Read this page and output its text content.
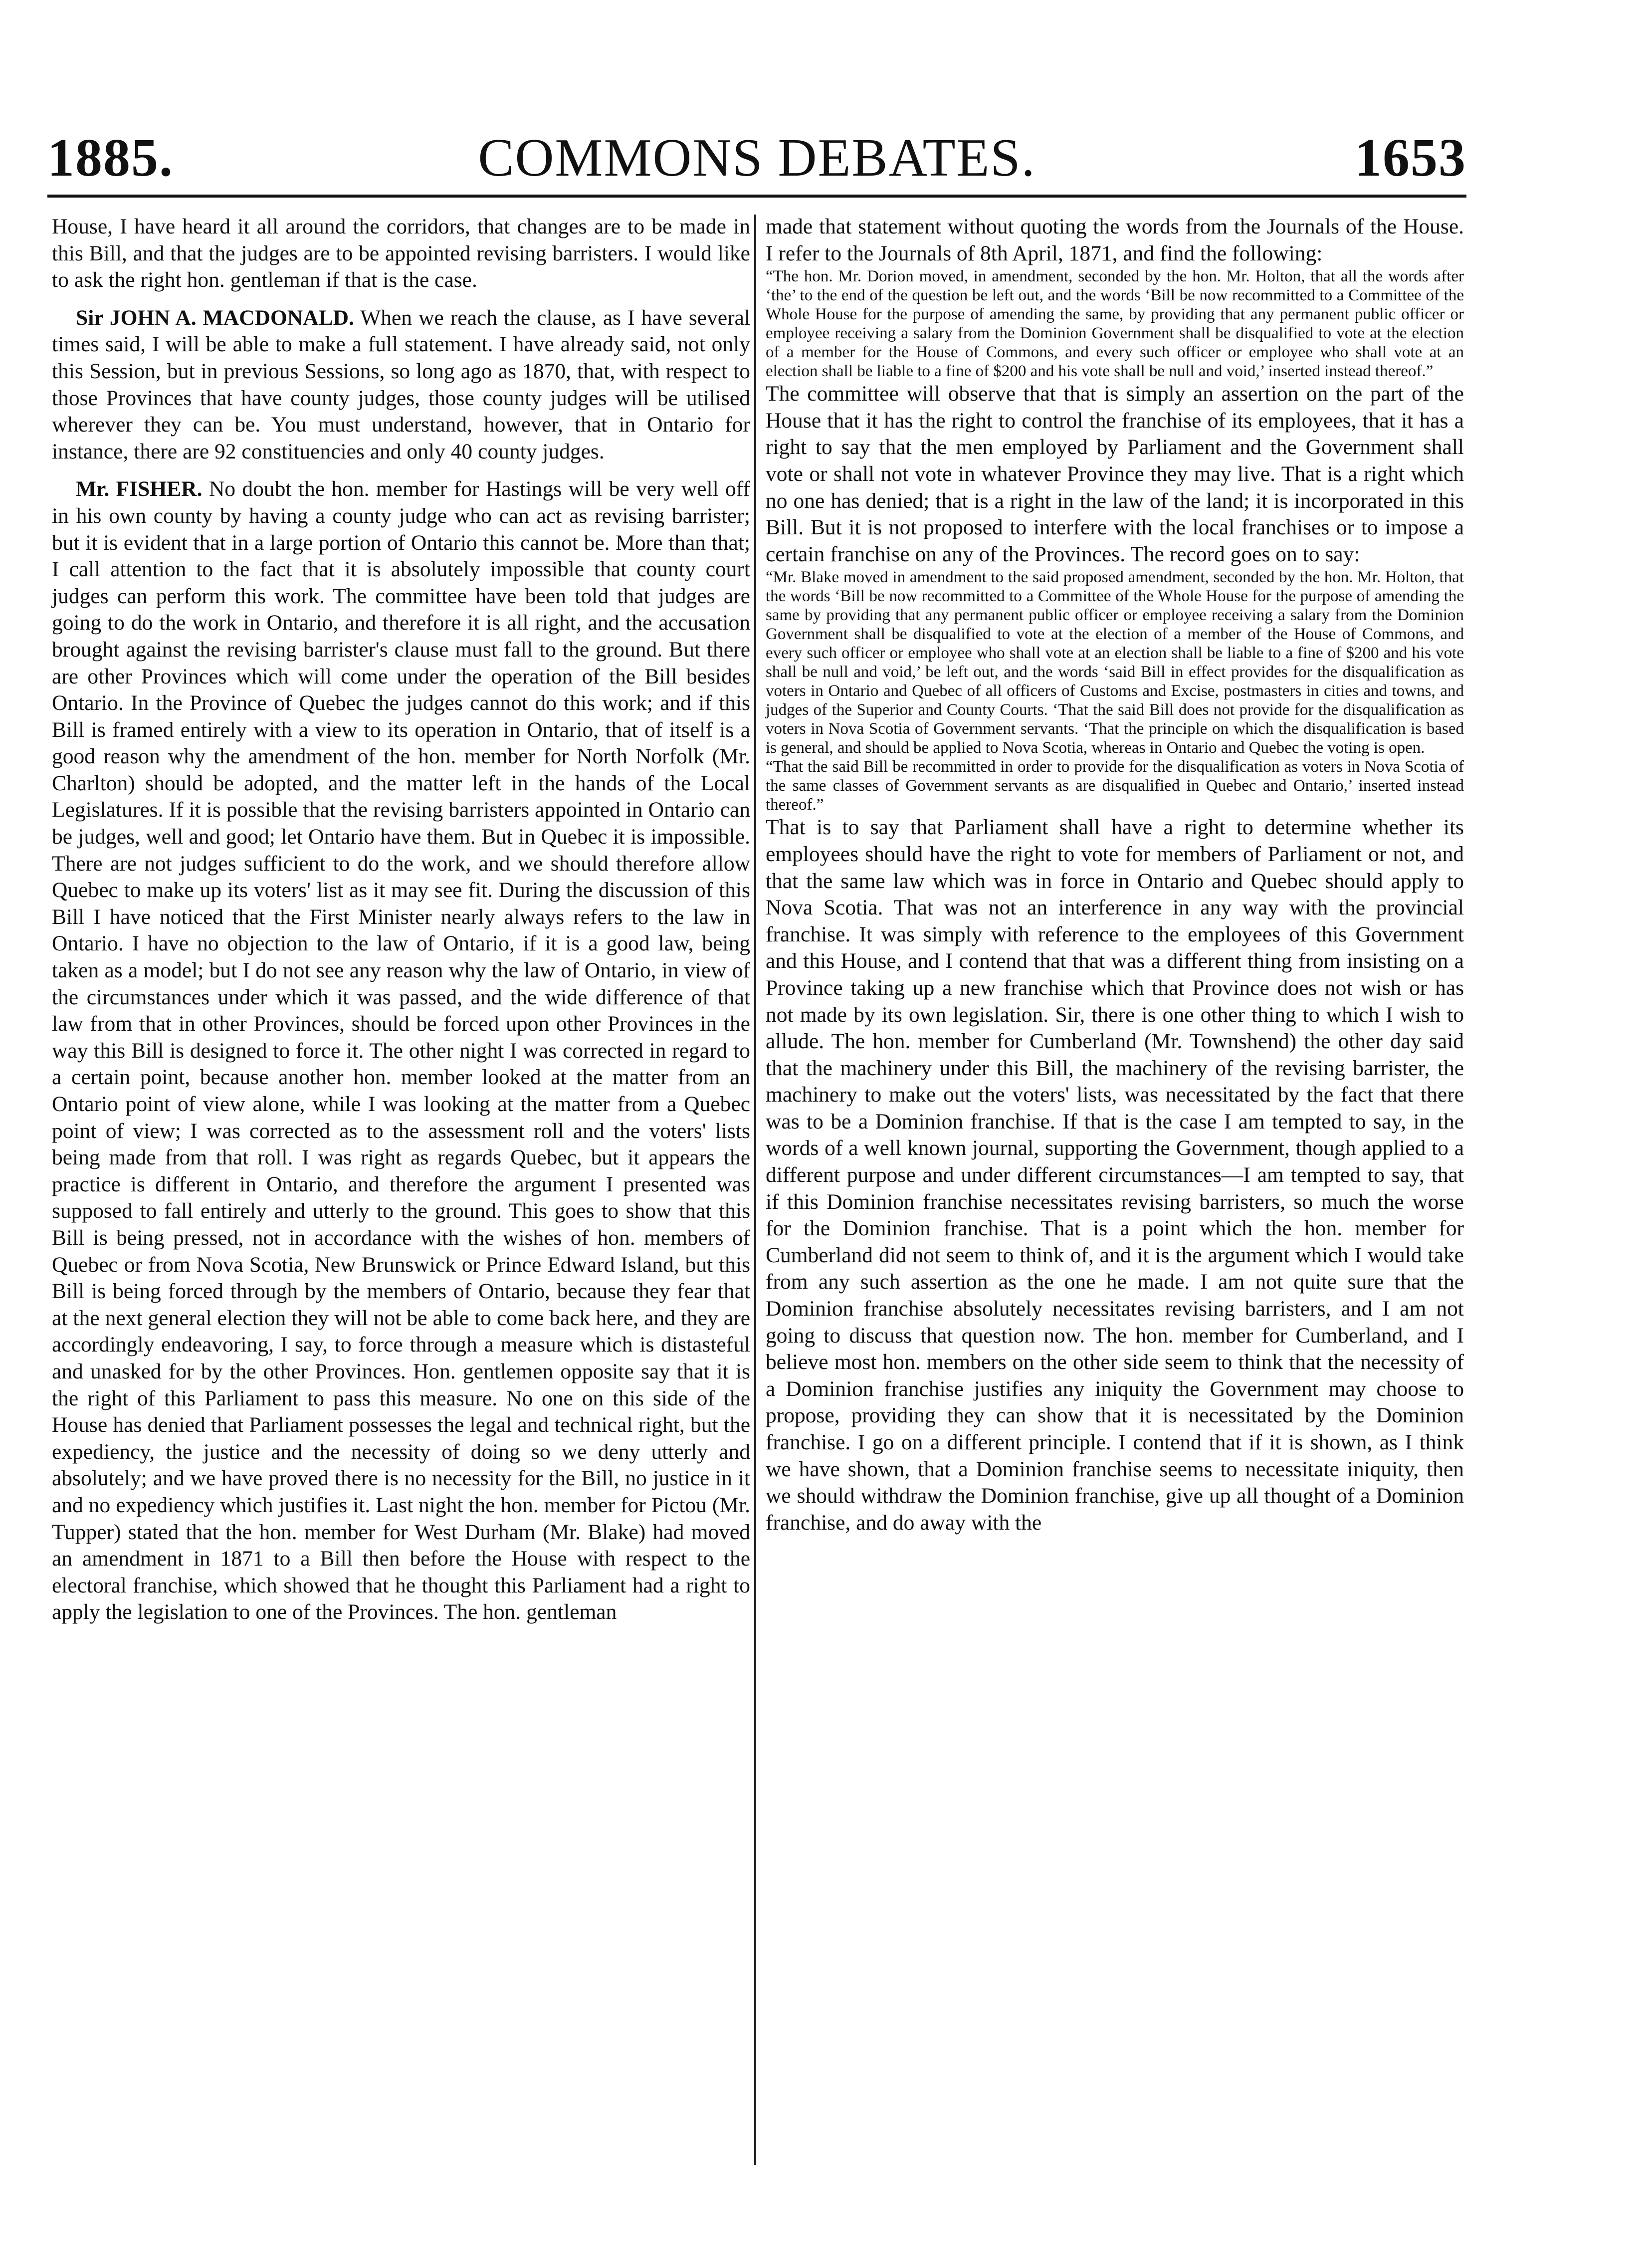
1885.	COMMONS DEBATES.	1653

House, I have heard it all around the corridors, that changes are to be made in this Bill, and that the judges are to be appointed revising barristers. I would like to ask the right hon. gentleman if that is the case.

Sir JOHN A. MACDONALD. When we reach the clause, as I have several times said, I will be able to make a full statement. I have already said, not only this Session, but in previous Sessions, so long ago as 1870, that, with respect to those Provinces that have county judges, those county judges will be utilised wherever they can be. You must understand, however, that in Ontario for instance, there are 92 constituencies and only 40 county judges.

Mr. FISHER. No doubt the hon. member for Hastings will be very well off in his own county by having a county judge who can act as revising barrister; but it is evident that in a large portion of Ontario this cannot be. More than that; I call attention to the fact that it is absolutely impossible that county court judges can perform this work. The committee have been told that judges are going to do the work in Ontario, and therefore it is all right, and the accusation brought against the revising barrister's clause must fall to the ground. But there are other Provinces which will come under the operation of the Bill besides Ontario. In the Province of Quebec the judges cannot do this work; and if this Bill is framed entirely with a view to its operation in Ontario, that of itself is a good reason why the amendment of the hon. member for North Norfolk (Mr. Charlton) should be adopted, and the matter left in the hands of the Local Legislatures. If it is possible that the revising barristers appointed in Ontario can be judges, well and good; let Ontario have them. But in Quebec it is impossible. There are not judges sufficient to do the work, and we should therefore allow Quebec to make up its voters' list as it may see fit. During the discussion of this Bill I have noticed that the First Minister nearly always refers to the law in Ontario. I have no objection to the law of Ontario, if it is a good law, being taken as a model; but I do not see any reason why the law of Ontario, in view of the circumstances under which it was passed, and the wide difference of that law from that in other Provinces, should be forced upon other Provinces in the way this Bill is designed to force it. The other night I was corrected in regard to a certain point, because another hon. member looked at the matter from an Ontario point of view alone, while I was looking at the matter from a Quebec point of view; I was corrected as to the assessment roll and the voters' lists being made from that roll. I was right as regards Quebec, but it appears the practice is different in Ontario, and therefore the argument I presented was supposed to fall entirely and utterly to the ground. This goes to show that this Bill is being pressed, not in accordance with the wishes of hon. members of Quebec or from Nova Scotia, New Brunswick or Prince Edward Island, but this Bill is being forced through by the members of Ontario, because they fear that at the next general election they will not be able to come back here, and they are accordingly endeavoring, I say, to force through a measure which is distasteful and unasked for by the other Provinces. Hon. gentlemen opposite say that it is the right of this Parliament to pass this measure. No one on this side of the House has denied that Parliament possesses the legal and technical right, but the expediency, the justice and the necessity of doing so we deny utterly and absolutely; and we have proved there is no necessity for the Bill, no justice in it and no expediency which justifies it. Last night the hon. member for Pictou (Mr. Tupper) stated that the hon. member for West Durham (Mr. Blake) had moved an amendment in 1871 to a Bill then before the House with respect to the electoral franchise, which showed that he thought this Parliament had a right to apply the legislation to one of the Provinces. The hon. gentleman

made that statement without quoting the words from the Journals of the House. I refer to the Journals of 8th April, 1871, and find the following:

“The hon. Mr. Dorion moved, in amendment, seconded by the hon. Mr. Holton, that all the words after ‘the’ to the end of the question be left out, and the words ‘Bill be now recommitted to a Committee of the Whole House for the purpose of amending the same, by providing that any permanent public officer or employee receiving a salary from the Dominion Government shall be disqualified to vote at the election of a member for the House of Commons, and every such officer or employee who shall vote at an election shall be liable to a fine of $200 and his vote shall be null and void,’ inserted instead thereof.”

The committee will observe that that is simply an assertion on the part of the House that it has the right to control the franchise of its employees, that it has a right to say that the men employed by Parliament and the Government shall vote or shall not vote in whatever Province they may live. That is a right which no one has denied; that is a right in the law of the land; it is incorporated in this Bill. But it is not proposed to interfere with the local franchises or to impose a certain franchise on any of the Provinces. The record goes on to say:

“Mr. Blake moved in amendment to the said proposed amendment, seconded by the hon. Mr. Holton, that the words ‘Bill be now recommitted to a Committee of the Whole House for the purpose of amending the same by providing that any permanent public officer or employee receiving a salary from the Dominion Government shall be disqualified to vote at the election of a member of the House of Commons, and every such officer or employee who shall vote at an election shall be liable to a fine of $200 and his vote shall be null and void,’ be left out, and the words ‘said Bill in effect provides for the disqualification as voters in Ontario and Quebec of all officers of Customs and Excise, postmasters in cities and towns, and judges of the Superior and County Courts. ‘That the said Bill does not provide for the disqualification as voters in Nova Scotia of Government servants. ‘That the principle on which the disqualification is based is general, and should be applied to Nova Scotia, whereas in Ontario and Quebec the voting is open.

“That the said Bill be recommitted in order to provide for the disqualification as voters in Nova Scotia of the same classes of Government servants as are disqualified in Quebec and Ontario,’ inserted instead thereof.”

That is to say that Parliament shall have a right to determine whether its employees should have the right to vote for members of Parliament or not, and that the same law which was in force in Ontario and Quebec should apply to Nova Scotia. That was not an interference in any way with the provincial franchise. It was simply with reference to the employees of this Government and this House, and I contend that that was a different thing from insisting on a Province taking up a new franchise which that Province does not wish or has not made by its own legislation. Sir, there is one other thing to which I wish to allude. The hon. member for Cumberland (Mr. Townshend) the other day said that the machinery under this Bill, the machinery of the revising barrister, the machinery to make out the voters' lists, was necessitated by the fact that there was to be a Dominion franchise. If that is the case I am tempted to say, in the words of a well known journal, supporting the Government, though applied to a different purpose and under different circumstances—I am tempted to say, that if this Dominion franchise necessitates revising barristers, so much the worse for the Dominion franchise. That is a point which the hon. member for Cumberland did not seem to think of, and it is the argument which I would take from any such assertion as the one he made. I am not quite sure that the Dominion franchise absolutely necessitates revising barristers, and I am not going to discuss that question now. The hon. member for Cumberland, and I believe most hon. members on the other side seem to think that the necessity of a Dominion franchise justifies any iniquity the Government may choose to propose, providing they can show that it is necessitated by the Dominion franchise. I go on a different principle. I contend that if it is shown, as I think we have shown, that a Dominion franchise seems to necessitate iniquity, then we should withdraw the Dominion franchise, give up all thought of a Dominion franchise, and do away with the
